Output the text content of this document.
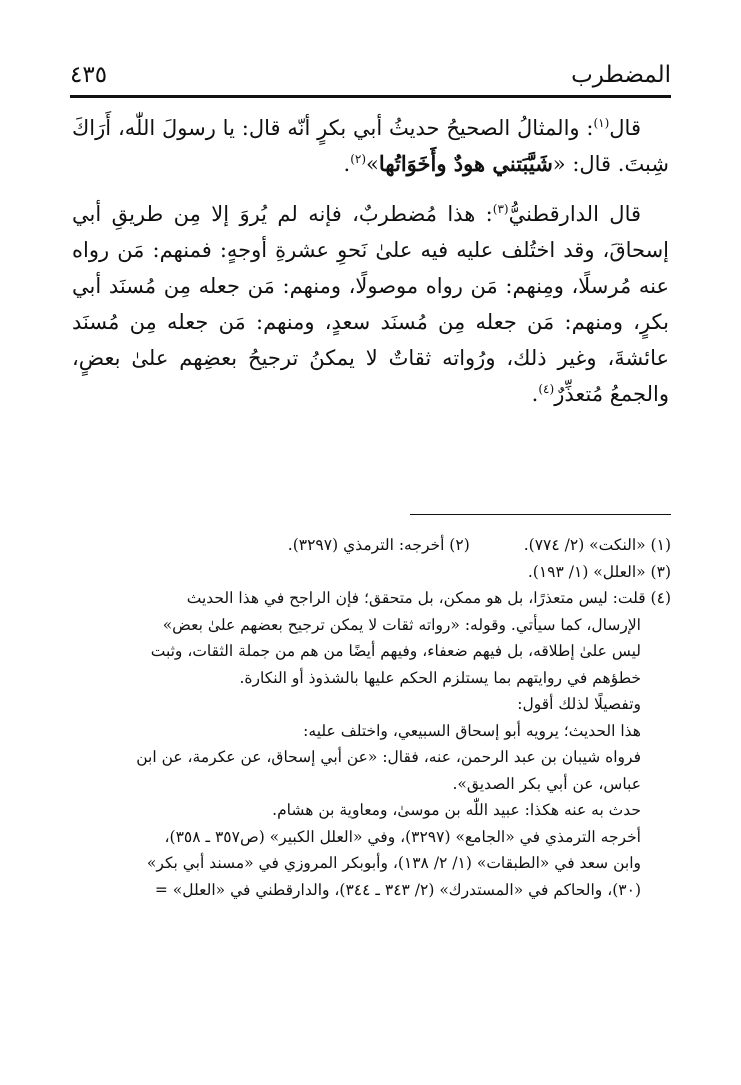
المضطرب
٤٣٥

قال$^{(١)}$: والمثالُ الصحيحُ حديثُ أبي بكرٍ أنّه قال: يا رسولَ اللّٰه، أَرَاكَ شِبتَ. قال: «شَيَّبَتني هودٌ وأَخَوَاتُها»$^{(٢)}$.

قال الدارقطنيُّ$^{(٣)}$: هذا مُضطربٌ، فإنه لم يُروَ إلا مِن طريقِ أبي إسحاقَ، وقد اختُلف عليه فيه علىٰ نَحوِ عشرةِ أوجهٍ: فمنهم: مَن رواه عنه مُرسلًا، ومِنهم: مَن رواه موصولًا، ومنهم: مَن جعله مِن مُسنَد أبي بكرٍ، ومنهم: مَن جعله مِن مُسنَد سعدٍ، ومنهم: مَن جعله مِن مُسنَد عائشةَ، وغير ذلك، ورُواته ثقاتٌ لا يمكنُ ترجيحُ بعضِهم علىٰ بعضٍ، والجمعُ مُتعذِّرٌ$^{(٤)}$.

(١) «النكت» (٢/ ٧٧٤).
(٢) أخرجه: الترمذي (٣٢٩٧).
(٣) «العلل» (١/ ١٩٣).
(٤) قلت: ليس متعذرًا، بل هو ممكن، بل متحقق؛ فإن الراجح في هذا الحديث
الإرسال، كما سيأتي. وقوله: «رواته ثقات لا يمكن ترجيح بعضهم علىٰ بعض»
ليس علىٰ إطلاقه، بل فيهم ضعفاء، وفيهم أيضًا من هم من جملة الثقات، وثبت
خطؤهم في روايتهم بما يستلزم الحكم عليها بالشذوذ أو النكارة.
وتفصيلًا لذلك أقول:
هذا الحديث؛ يرويه أبو إسحاق السبيعي، واختلف عليه:
فرواه شيبان بن عبد الرحمن، عنه، فقال: «عن أبي إسحاق، عن عكرمة، عن ابن
عباس، عن أبي بكر الصديق».
حدث به عنه هكذا: عبيد اللّٰه بن موسىٰ، ومعاوية بن هشام.
أخرجه الترمذي في «الجامع» (٣٢٩٧)، وفي «العلل الكبير» (ص٣٥٧ ـ ٣٥٨)،
وابن سعد في «الطبقات» (١/ ٢/ ١٣٨)، وأبوبكر المروزي في «مسند أبي بكر»
(٣٠)، والحاكم في «المستدرك» (٢/ ٣٤٣ ـ ٣٤٤)، والدارقطني في «العلل» =
